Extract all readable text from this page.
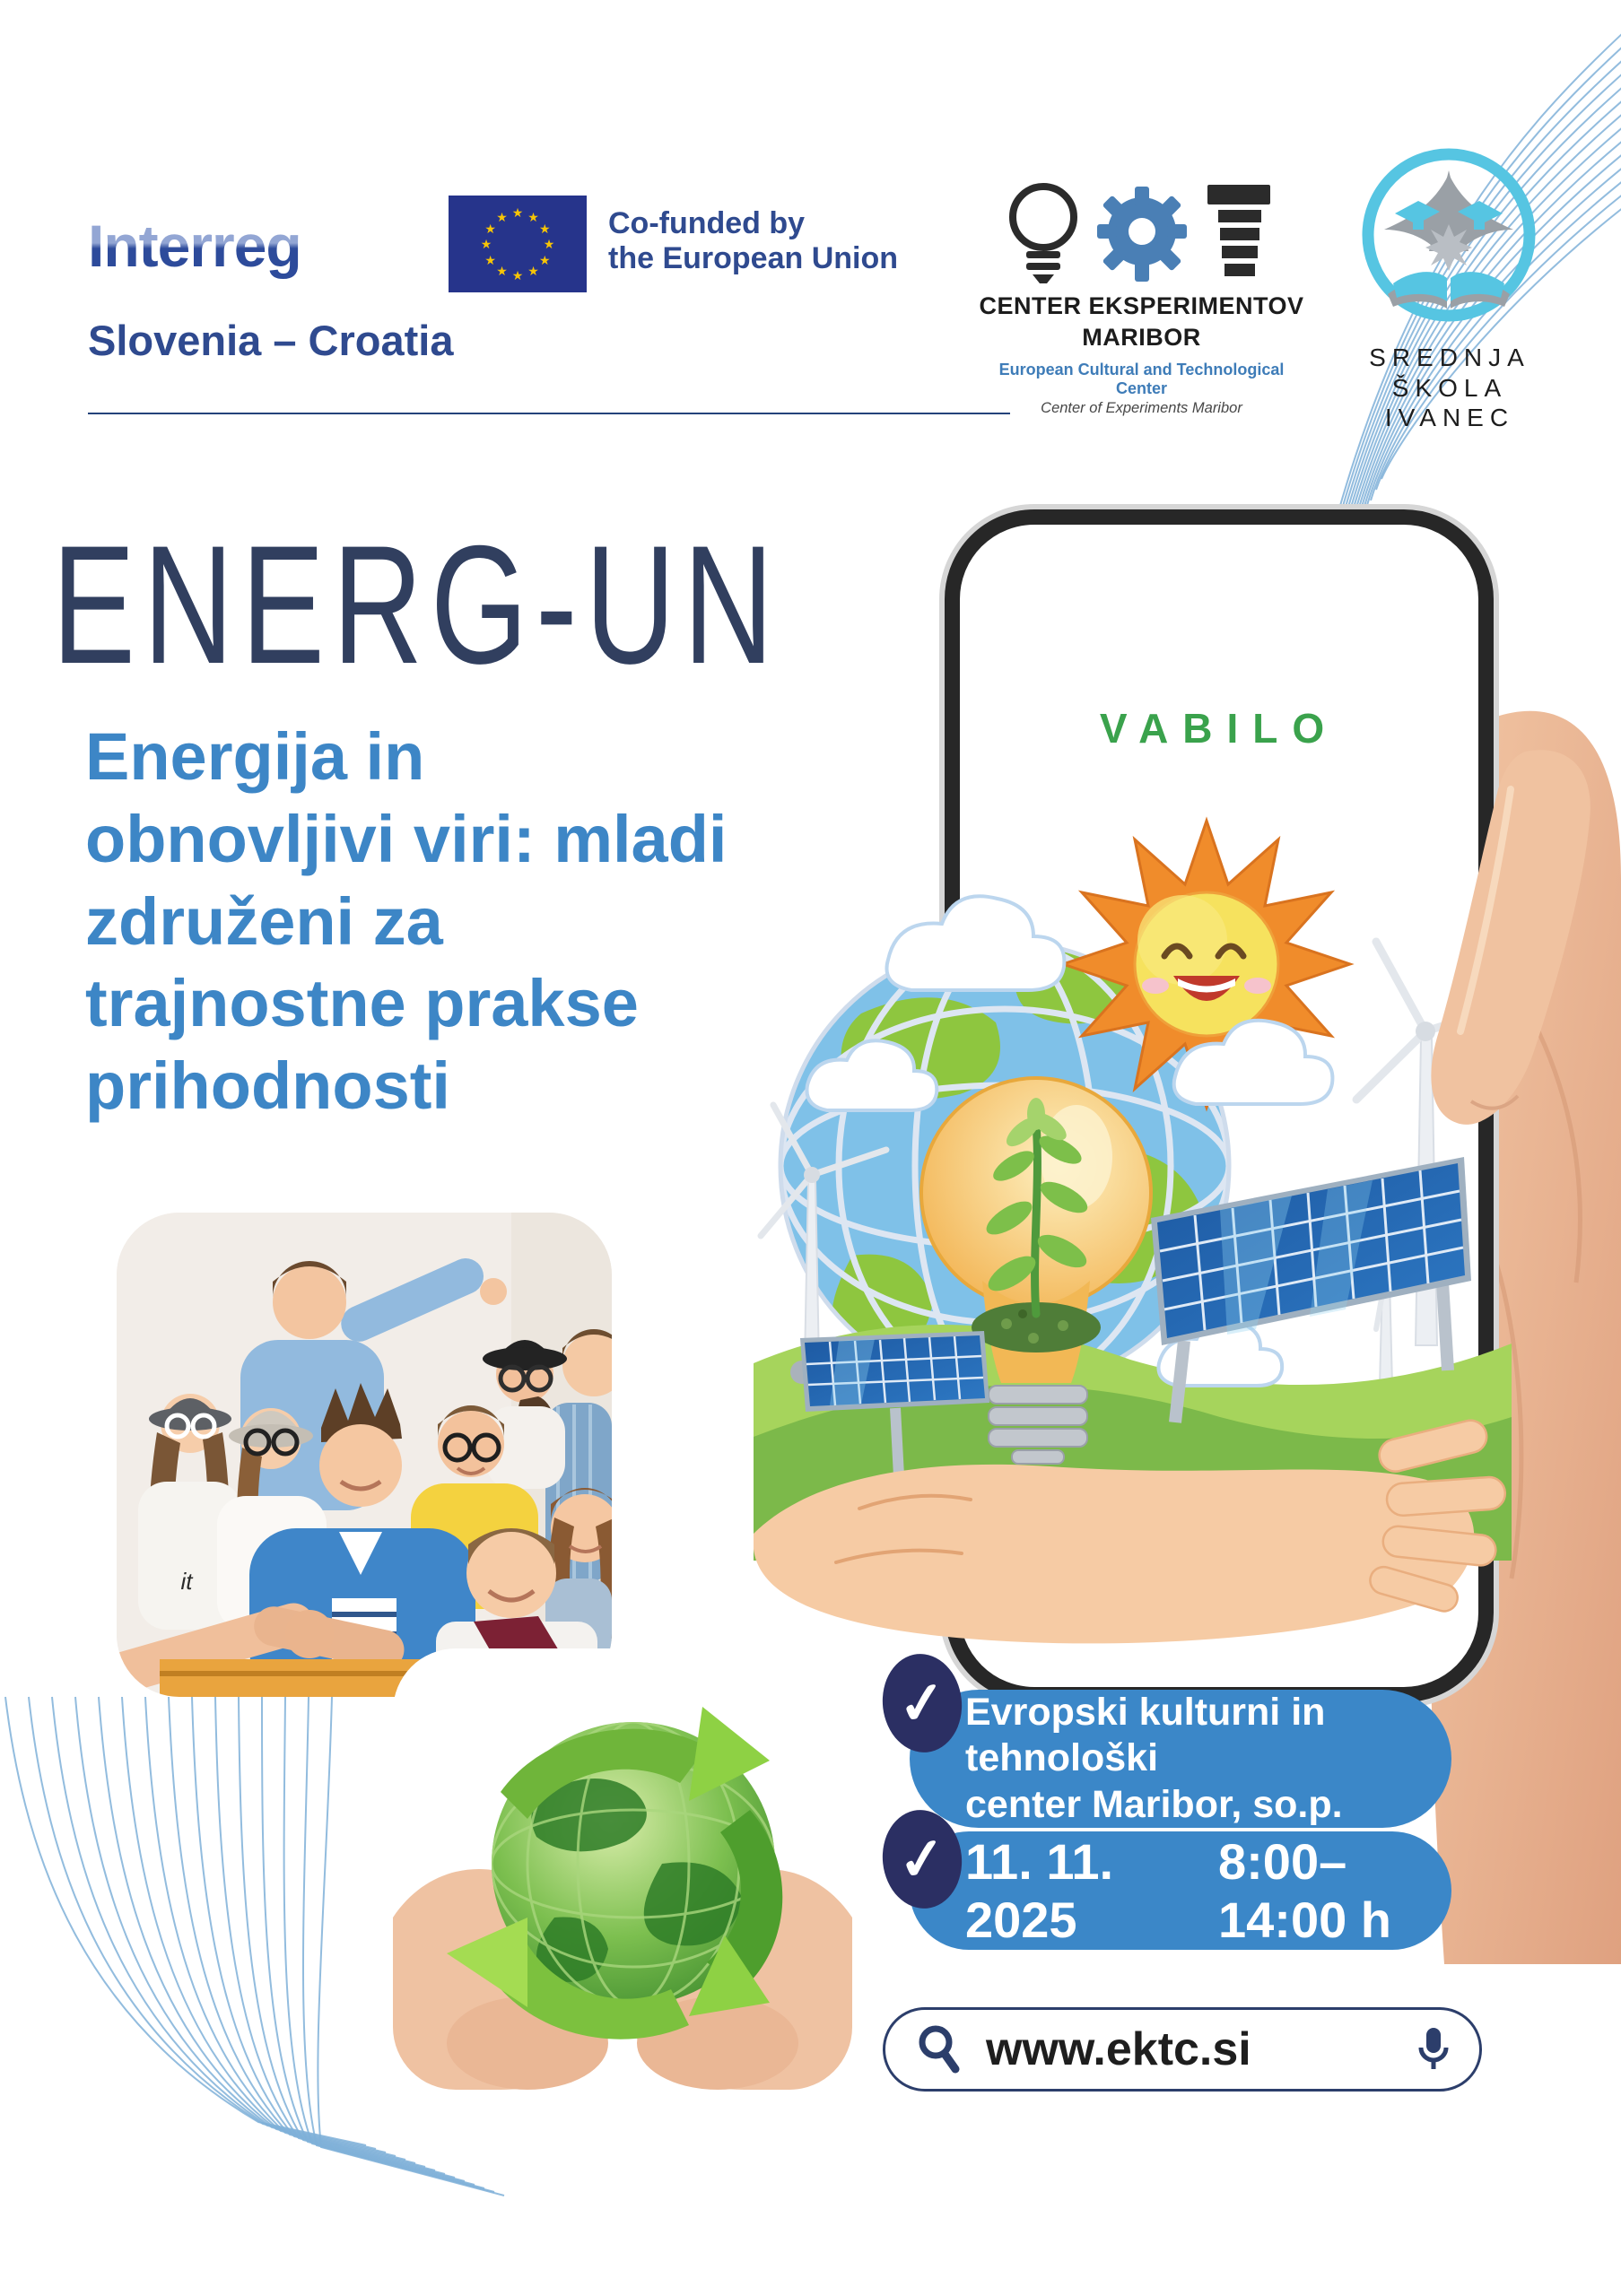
Interreg
Slovenia – Croatia
★ ★
★
★
★
★
★
★
★
★
★
★	Co-funded by
the European Union
CENTER EKSPERIMENTOV
MARIBOR
European Cultural and Technological Center
Center of Experiments Maribor
SREDNJA
ŠKOLA
IVANEC
ENERG-UN
Energija in
obnovljivi viri: mladi
združeni za
trajnostne prakse
prihodnosti
VABILO
it
✓ Evropski kulturni in tehnološki
center Maribor, so.p.
✓ 11. 11. 2025
8:00–14:00 h
www.ektc.si
